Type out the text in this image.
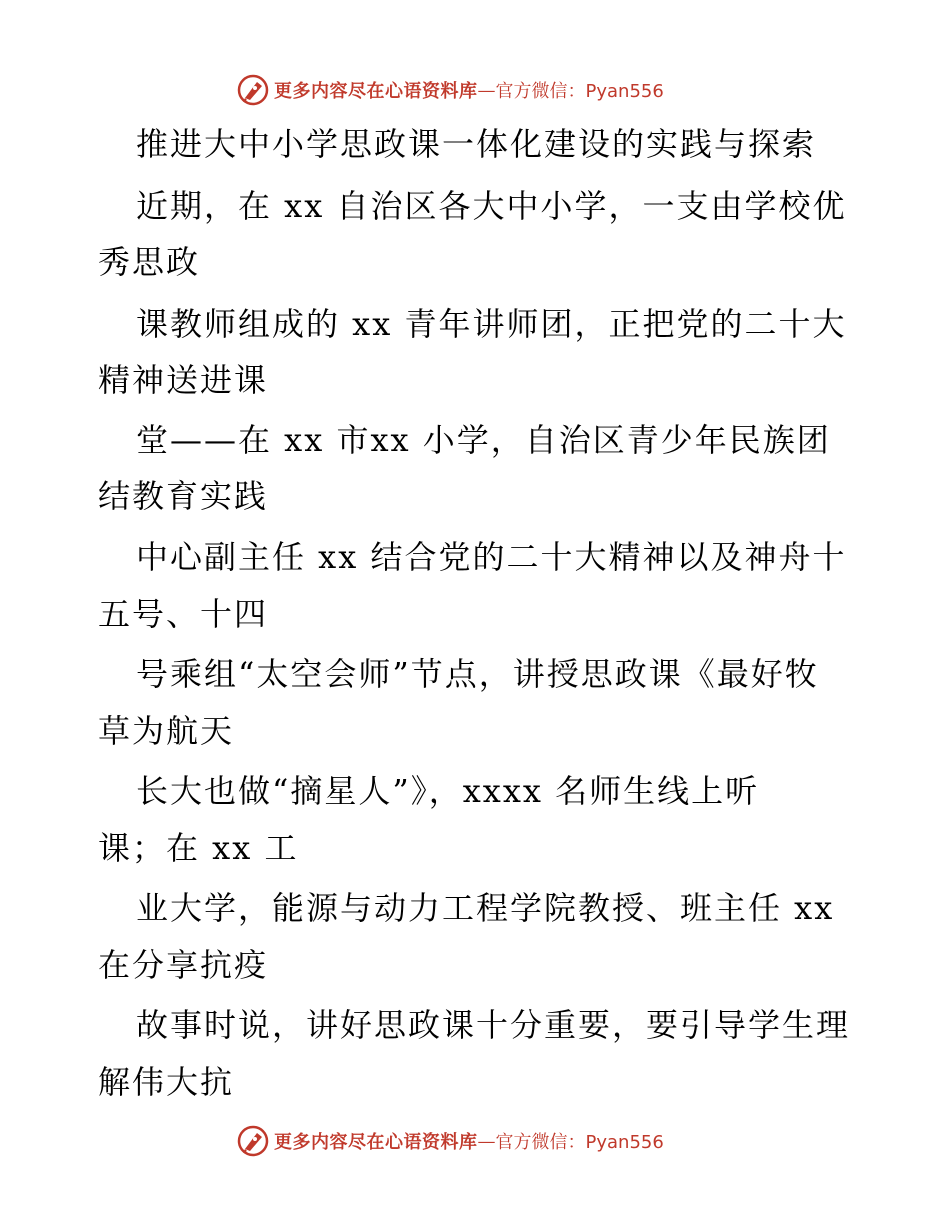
更多内容尽在心语资料库 — 官方微信：Pyan556
推进大中小学思政课一体化建设的实践与探索
近期，在 xx 自治区各大中小学，一支由学校优
秀思政
课教师组成的 xx 青年讲师团，正把党的二十大
精神送进课
堂——在 xx 市xx 小学，自治区青少年民族团
结教育实践
中心副主任 xx 结合党的二十大精神以及神舟十
五号、十四
号乘组“太空会师”节点，讲授思政课《最好牧
草为航天
长大也做“摘星人”》，xxxx 名师生线上听
课；在 xx 工
业大学，能源与动力工程学院教授、班主任 xx
在分享抗疫
故事时说，讲好思政课十分重要，要引导学生理
解伟大抗
更多内容尽在心语资料库 — 官方微信：Pyan556
